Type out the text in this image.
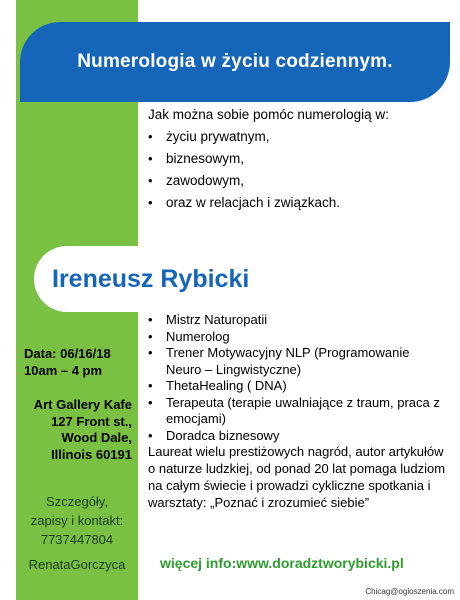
Numerologia w życiu codziennym.
Jak można sobie pomóc numerologią w:
• życiu prywatnym,
• biznesowym,
• zawodowym,
• oraz w relacjach i związkach.
Ireneusz Rybicki
• Mistrz Naturopatii
• Numerolog
• Trener Motywacyjny NLP (Programowanie Neuro – Lingwistyczne)
• ThetaHealing ( DNA)
• Terapeuta (terapie uwalniające z traum, praca z emocjami)
• Doradca biznesowy
Laureat wielu prestiżowych nagród, autor artykułów o naturze ludzkiej, od ponad 20 lat pomaga ludziom na całym świecie i prowadzi cykliczne spotkania i warsztaty: „Poznać i zrozumieć siebie”
więcej info:www.doradztworybicki.pl
Data: 06/16/18
10am – 4 pm
Art Gallery Kafe
127 Front st.,
Wood Dale,
Illinois 60191
Szczegóły,
zapisy i kontakt:
7737447804
RenataGorczyca
Chicag@ogloszenia.com
